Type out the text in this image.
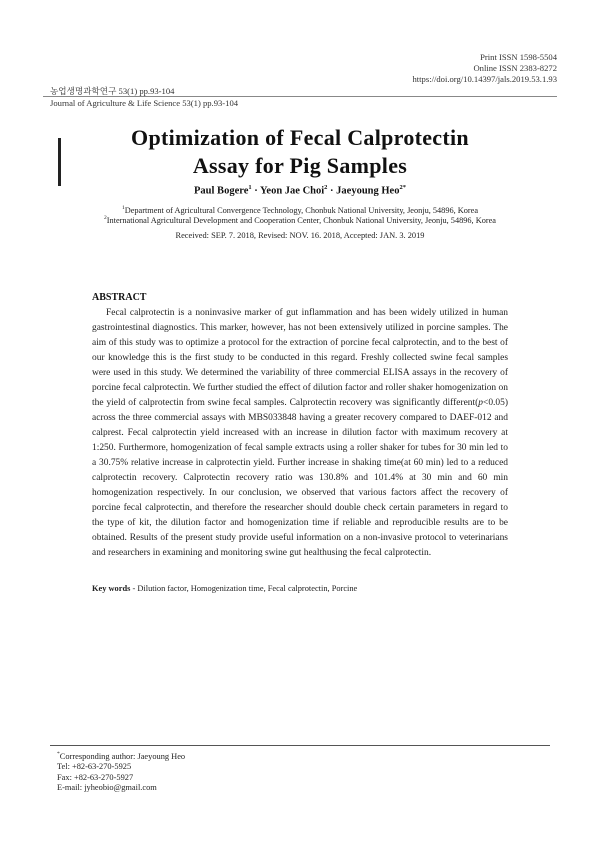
Print ISSN 1598-5504
Online ISSN 2383-8272
https://doi.org/10.14397/jals.2019.53.1.93
농업생명과학연구 53(1) pp.93-104
Journal of Agriculture & Life Science 53(1) pp.93-104
Optimization of Fecal Calprotectin
Assay for Pig Samples
Paul Bogere$^1$ · Yeon Jae Choi$^2$ · Jaeyoung Heo$^{2*}$
$^1$Department of Agricultural Convergence Technology, Chonbuk National University, Jeonju, 54896, Korea
$^2$International Agricultural Development and Cooperation Center, Chonbuk National University, Jeonju, 54896, Korea
Received: SEP. 7. 2018, Revised: NOV. 16. 2018, Accepted: JAN. 3. 2019
ABSTRACT

Fecal calprotectin is a noninvasive marker of gut inflammation and has been widely utilized in human gastrointestinal diagnostics. This marker, however, has not been extensively utilized in porcine samples. The aim of this study was to optimize a protocol for the extraction of porcine fecal calprotectin, and to the best of our knowledge this is the first study to be conducted in this regard. Freshly collected swine fecal samples were used in this study. We determined the variability of three commercial ELISA assays in the recovery of porcine fecal calprotectin. We further studied the effect of dilution factor and roller shaker homogenization on the yield of calprotectin from swine fecal samples. Calprotectin recovery was significantly different(p<0.05) across the three commercial assays with MBS033848 having a greater recovery compared to DAEF-012 and calprest. Fecal calprotectin yield increased with an increase in dilution factor with maximum recovery at 1:250. Furthermore, homogenization of fecal sample extracts using a roller shaker for tubes for 30 min led to a 30.75% relative increase in calprotectin yield. Further increase in shaking time(at 60 min) led to a reduced calprotectin recovery. Calprotectin recovery ratio was 130.8% and 101.4% at 30 min and 60 min homogenization respectively. In our conclusion, we observed that various factors affect the recovery of porcine fecal calprotectin, and therefore the researcher should double check certain parameters in regard to the type of kit, the dilution factor and homogenization time if reliable and reproducible results are to be obtained. Results of the present study provide useful information on a non-invasive protocol to veterinarians and researchers in examining and monitoring swine gut healthusing the fecal calprotectin.

Key words - Dilution factor, Homogenization time, Fecal calprotectin, Porcine
*Corresponding author: Jaeyoung Heo
Tel: +82-63-270-5925
Fax: +82-63-270-5927
E-mail: jyheobio@gmail.com
